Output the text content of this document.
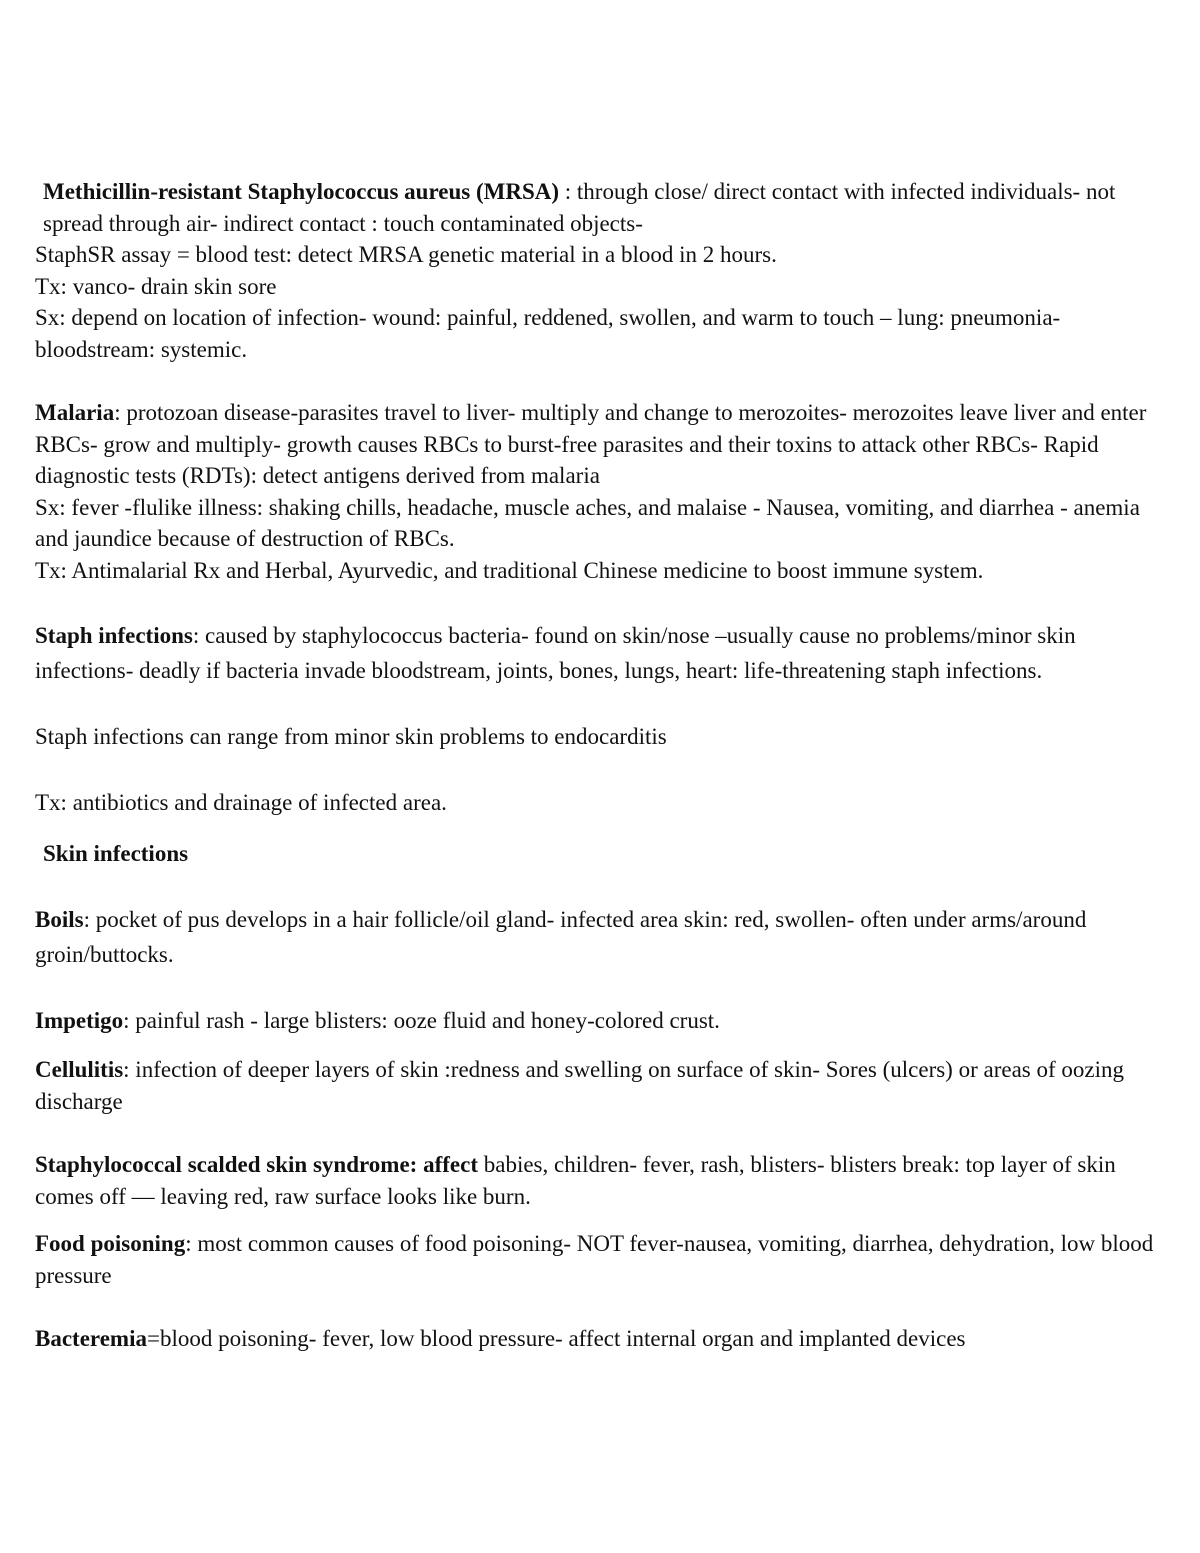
Methicillin-resistant Staphylococcus aureus (MRSA) : through close/ direct contact with infected individuals- not spread through air- indirect contact : touch contaminated objects-

StaphSR assay = blood test: detect MRSA genetic material in a blood in 2 hours.

Tx: vanco- drain skin sore

Sx: depend on location of infection- wound: painful, reddened, swollen, and warm to touch – lung: pneumonia- bloodstream: systemic.

Malaria: protozoan disease-parasites travel to liver- multiply and change to merozoites- merozoites leave liver and enter RBCs- grow and multiply- growth causes RBCs to burst-free parasites and their toxins to attack other RBCs- Rapid diagnostic tests (RDTs): detect antigens derived from malaria

Sx: fever -flulike illness: shaking chills, headache, muscle aches, and malaise - Nausea, vomiting, and diarrhea - anemia and jaundice because of destruction of RBCs.

Tx: Antimalarial Rx and Herbal, Ayurvedic, and traditional Chinese medicine to boost immune system.

Staph infections: caused by staphylococcus bacteria- found on skin/nose –usually cause no problems/minor skin infections- deadly if bacteria invade bloodstream, joints, bones, lungs, heart: life-threatening staph infections.

Staph infections can range from minor skin problems to endocarditis

Tx: antibiotics and drainage of infected area.

Skin infections

Boils: pocket of pus develops in a hair follicle/oil gland- infected area skin: red, swollen- often under arms/around groin/buttocks.

Impetigo: painful rash - large blisters: ooze fluid and honey-colored crust.

Cellulitis: infection of deeper layers of skin :redness and swelling on surface of skin- Sores (ulcers) or areas of oozing discharge

Staphylococcal scalded skin syndrome: affect babies, children- fever, rash, blisters- blisters break: top layer of skin comes off — leaving red, raw surface looks like burn.

Food poisoning: most common causes of food poisoning- NOT fever-nausea, vomiting, diarrhea, dehydration, low blood pressure

Bacteremia=blood poisoning- fever, low blood pressure- affect internal organ and implanted devices
